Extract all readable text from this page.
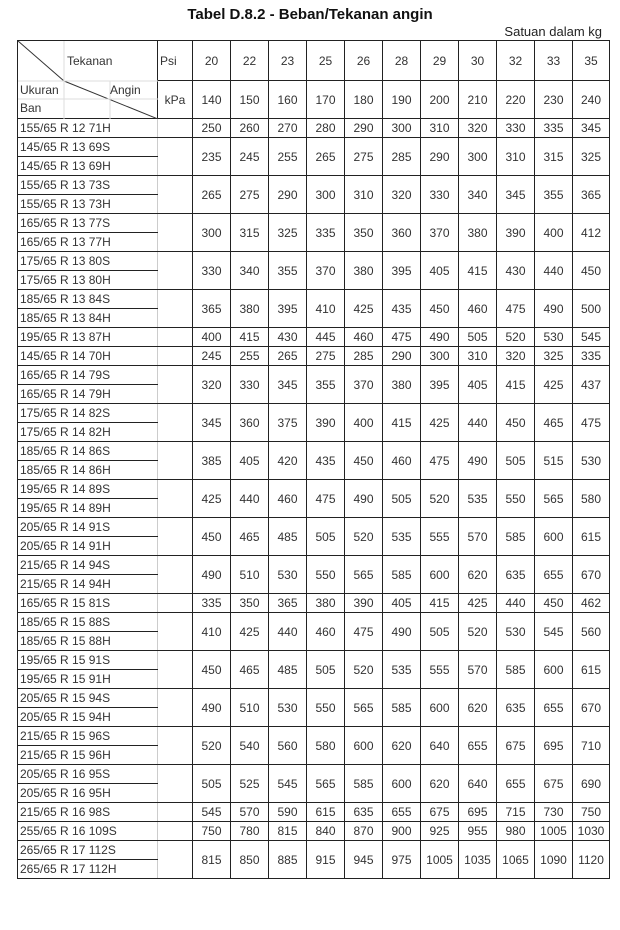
Tabel D.8.2 - Beban/Tekanan angin
Satuan dalam kg
Tekanan
Angin
Ukuran
Ban	Psi	20	22	23	25	26	28	29	30	32	33	35
	kPa	140	150	160	170	180	190	200	210	220	230	240
155/65 R 12 71H		250	260	270	280	290	300	310	320	330	335	345
145/65 R 13 69S		235	245	255	265	275	285	290	300	310	315	325
145/65 R 13 69H												
155/65 R 13 73S		265	275	290	300	310	320	330	340	345	355	365
155/65 R 13 73H												
165/65 R 13 77S		300	315	325	335	350	360	370	380	390	400	412
165/65 R 13 77H												
175/65 R 13 80S		330	340	355	370	380	395	405	415	430	440	450
175/65 R 13 80H												
185/65 R 13 84S		365	380	395	410	425	435	450	460	475	490	500
185/65 R 13 84H												
195/65 R 13 87H		400	415	430	445	460	475	490	505	520	530	545
145/65 R 14 70H		245	255	265	275	285	290	300	310	320	325	335
165/65 R 14 79S		320	330	345	355	370	380	395	405	415	425	437
165/65 R 14 79H												
175/65 R 14 82S		345	360	375	390	400	415	425	440	450	465	475
175/65 R 14 82H												
185/65 R 14 86S		385	405	420	435	450	460	475	490	505	515	530
185/65 R 14 86H												
195/65 R 14 89S		425	440	460	475	490	505	520	535	550	565	580
195/65 R 14 89H												
205/65 R 14 91S		450	465	485	505	520	535	555	570	585	600	615
205/65 R 14 91H												
215/65 R 14 94S		490	510	530	550	565	585	600	620	635	655	670
215/65 R 14 94H												
165/65 R 15 81S		335	350	365	380	390	405	415	425	440	450	462
185/65 R 15 88S		410	425	440	460	475	490	505	520	530	545	560
185/65 R 15 88H												
195/65 R 15 91S		450	465	485	505	520	535	555	570	585	600	615
195/65 R 15 91H												
205/65 R 15 94S		490	510	530	550	565	585	600	620	635	655	670
205/65 R 15 94H												
215/65 R 15 96S		520	540	560	580	600	620	640	655	675	695	710
215/65 R 15 96H												
205/65 R 16 95S		505	525	545	565	585	600	620	640	655	675	690
205/65 R 16 95H												
215/65 R 16 98S		545	570	590	615	635	655	675	695	715	730	750
255/65 R 16 109S		750	780	815	840	870	900	925	955	980	1005	1030
265/65 R 17 112S		815	850	885	915	945	975	1005	1035	1065	1090	1120
265/65 R 17 112H												
